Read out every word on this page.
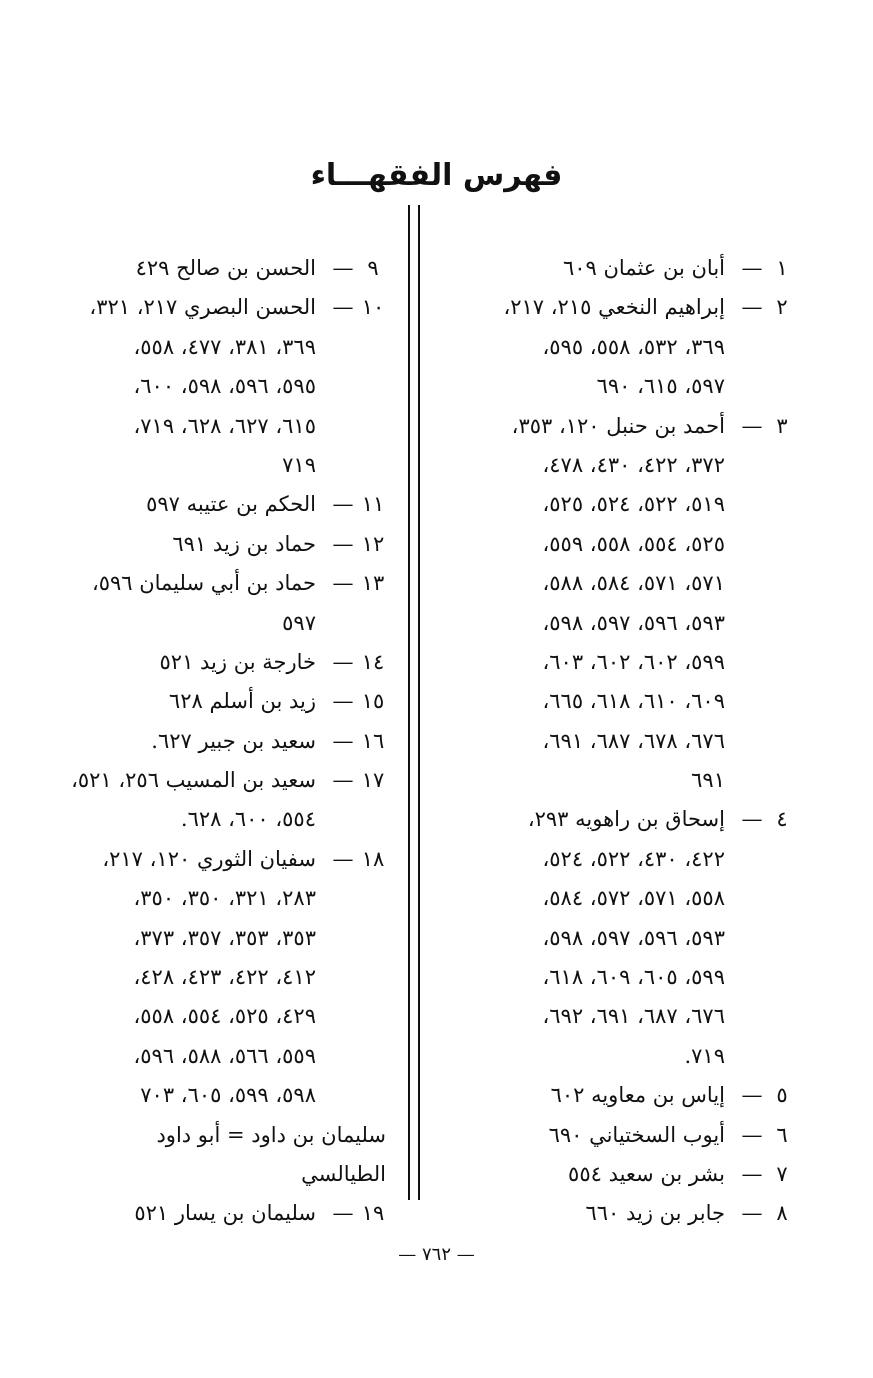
فهرس الفقهـــاء
١
—
أبان بن عثمان ٦٠٩
٢
—
إبراهيم النخعي ٢١٥، ٢١٧،
٣٦٩، ٥٣٢، ٥٥٨، ٥٩٥،
٥٩٧، ٦١٥، ٦٩٠
٣
—
أحمد بن حنبل ١٢٠، ٣٥٣،
٣٧٢، ٤٢٢، ٤٣٠، ٤٧٨،
٥١٩، ٥٢٢، ٥٢٤، ٥٢٥،
٥٢٥، ٥٥٤، ٥٥٨، ٥٥٩،
٥٧١، ٥٧١، ٥٨٤، ٥٨٨،
٥٩٣، ٥٩٦، ٥٩٧، ٥٩٨،
٥٩٩، ٦٠٢، ٦٠٢، ٦٠٣،
٦٠٩، ٦١٠، ٦١٨، ٦٦٥،
٦٧٦، ٦٧٨، ٦٨٧، ٦٩١،
٦٩١
٤
—
إسحاق بن راهويه ٢٩٣،
٤٢٢، ٤٣٠، ٥٢٢، ٥٢٤،
٥٥٨، ٥٧١، ٥٧٢، ٥٨٤،
٥٩٣، ٥٩٦، ٥٩٧، ٥٩٨،
٥٩٩، ٦٠٥، ٦٠٩، ٦١٨،
٦٧٦، ٦٨٧، ٦٩١، ٦٩٢،
٧١٩.
٥
—
إياس بن معاويه ٦٠٢
٦
—
أيوب السختياني ٦٩٠
٧
—
بشر بن سعيد ٥٥٤
٨
—
جابر بن زيد ٦٦٠
٩
—
الحسن بن صالح ٤٢٩
١٠
—
الحسن البصري ٢١٧، ٣٢١،
٣٦٩، ٣٨١، ٤٧٧، ٥٥٨،
٥٩٥، ٥٩٦، ٥٩٨، ٦٠٠،
٦١٥، ٦٢٧، ٦٢٨، ٧١٩،
٧١٩
١١
—
الحكم بن عتيبه ٥٩٧
١٢
—
حماد بن زيد ٦٩١
١٣
—
حماد بن أبي سليمان ٥٩٦،
٥٩٧
١٤
—
خارجة بن زيد ٥٢١
١٥
—
زيد بن أسلم ٦٢٨
١٦
—
سعيد بن جبير ٦٢٧.
١٧
—
سعيد بن المسيب ٢٥٦، ٥٢١،
٥٥٤، ٦٠٠، ٦٢٨.
١٨
—
سفيان الثوري ١٢٠، ٢١٧،
٢٨٣، ٣٢١، ٣٥٠، ٣٥٠،
٣٥٣، ٣٥٣، ٣٥٧، ٣٧٣،
٤١٢، ٤٢٢، ٤٢٣، ٤٢٨،
٤٢٩، ٥٢٥، ٥٥٤، ٥٥٨،
٥٥٩، ٥٦٦، ٥٨٨، ٥٩٦،
٥٩٨، ٥٩٩، ٦٠٥، ٧٠٣
سليمان بن داود = أبو داود
الطيالسي
١٩
—
سليمان بن يسار ٥٢١
— ٧٦٢ —
